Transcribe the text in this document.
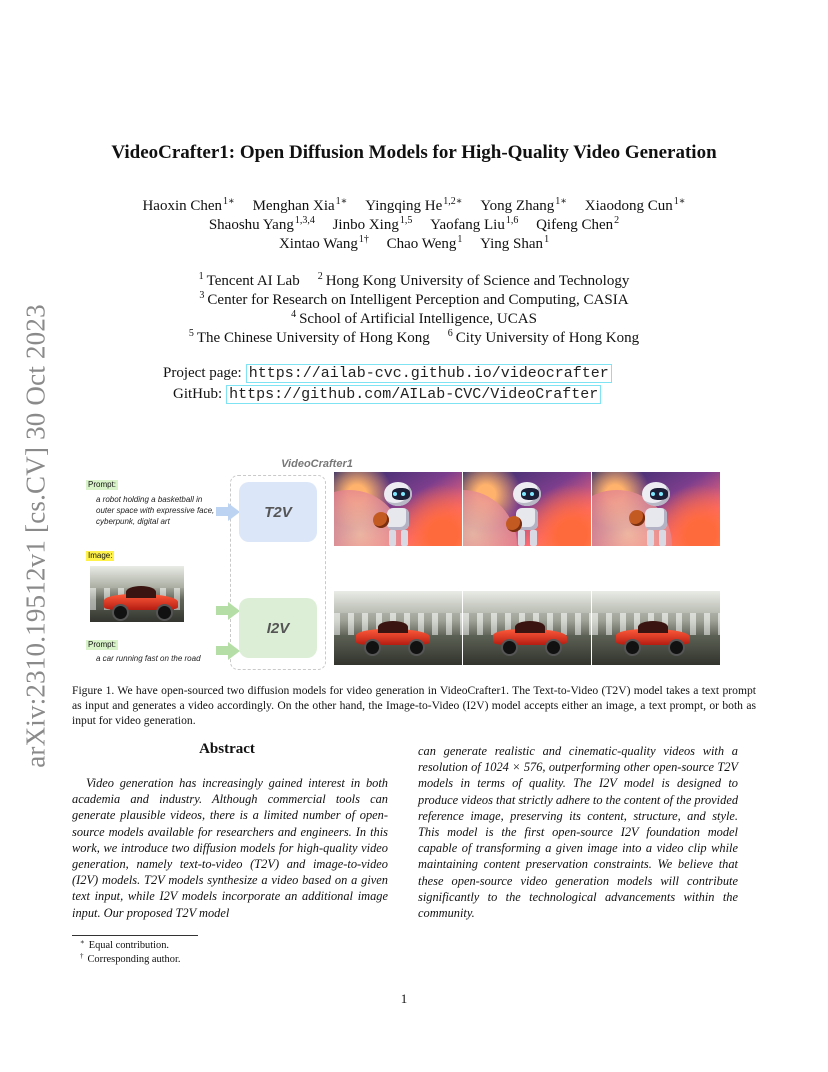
arXiv:2310.19512v1 [cs.CV] 30 Oct 2023
VideoCrafter1: Open Diffusion Models for High-Quality Video Generation
Haoxin Chen$^{1∗}$ Menghan Xia$^{1∗}$ Yingqing $He^{1,2∗}$ Yong Zhang$^{1∗}$ Xiaodong Cun$^{1∗}$
Shaoshu Yang$^{1,3,4}$ Jinbo Xing$^{1,5}$ Yaofang Liu$^{1,6}$ Qifeng Chen$^2$
Xintao Wang$^{1\dagger}$ Chao Weng$^1$ Ying Shan$^1$
$^1$ Tencent AI Lab $^2$ Hong Kong University of Science and Technology
$^3$ Center for Research on Intelligent Perception and Computing, CASIA
$^4$ School of Artificial Intelligence, UCAS
$^5$ The Chinese University of Hong Kong $^6$ City University of Hong Kong
Project page: https://ailab-cvc.github.io/videocrafter
GitHub: https://github.com/AILab-CVC/VideoCrafter
VideoCrafter1
Prompt:
a robot holding a basketball in outer space with expressive face, cyberpunk, digital art
T2V
Image:
Prompt:
a car running fast on the road
I2V
Figure 1. We have open-sourced two diffusion models for video generation in VideoCrafter1. The Text-to-Video (T2V) model takes a text prompt as input and generates a video accordingly. On the other hand, the Image-to-Video (I2V) model accepts either an image, a text prompt, or both as input for video generation.
Abstract
Video generation has increasingly gained interest in both academia and industry. Although commercial tools can generate plausible videos, there is a limited number of open-source models available for researchers and engineers. In this work, we introduce two diffusion models for high-quality video generation, namely text-to-video (T2V) and image-to-video (I2V) models. T2V models synthesize a video based on a given text input, while I2V models incorporate an additional image input. Our proposed T2V model
can generate realistic and cinematic-quality videos with a resolution of 1024 × 576, outperforming other open-source T2V models in terms of quality. The I2V model is designed to produce videos that strictly adhere to the content of the provided reference image, preserving its content, structure, and style. This model is the first open-source I2V foundation model capable of transforming a given image into a video clip while maintaining content preservation constraints. We believe that these open-source video generation models will contribute significantly to the technological advancements within the community.
∗ Equal contribution.
† Corresponding author.
1
